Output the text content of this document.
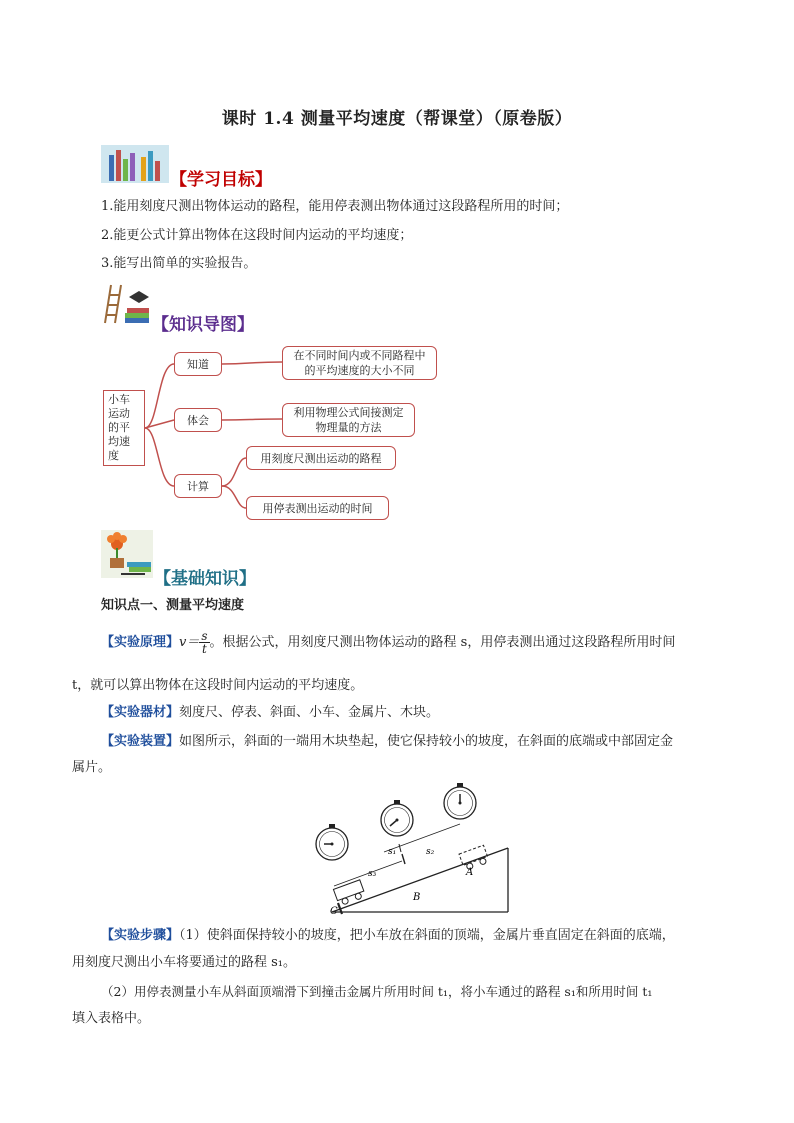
课时 1.4 测量平均速度（帮课堂）（原卷版）
【学习目标】
1.能用刻度尺测出物体运动的路程，能用停表测出物体通过这段路程所用的时间；
2.能更公式计算出物体在这段时间内运动的平均速度；
3.能写出简单的实验报告。
【知识导图】
小车
运动
的平
均速
度
知道
体会
计算
在不同时间内或不同路程中的平均速度的大小不同
利用物理公式间接测定物理量的方法
用刻度尺测出运动的路程
用停表测出运动的时间
【基础知识】
知识点一、测量平均速度
【实验原理】$v= \frac{s}{t}$ 。根据公式，用刻度尺测出物体运动的路程 s，用停表测出通过这段路程所用时间
t，就可以算出物体在这段时间内运动的平均速度。
【实验器材】刻度尺、停表、斜面、小车、金属片、木块。
【实验装置】如图所示，斜面的一端用木块垫起，使它保持较小的坡度，在斜面的底端或中部固定金
属片。
s₁	s₂
s₃	A
B
C
【实验步骤】（1）使斜面保持较小的坡度，把小车放在斜面的顶端，金属片垂直固定在斜面的底端，
用刻度尺测出小车将要通过的路程 s₁。
（2）用停表测量小车从斜面顶端滑下到撞击金属片所用时间 t₁，将小车通过的路程 s₁和所用时间 t₁
填入表格中。
